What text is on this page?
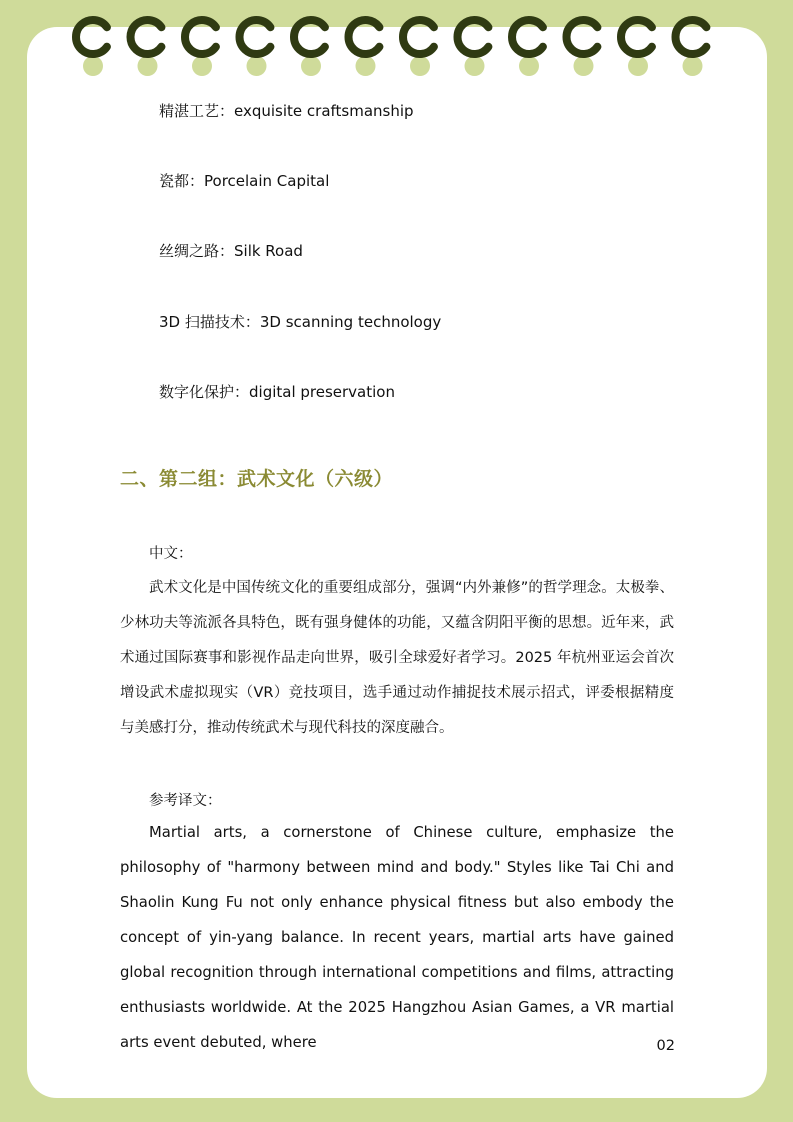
精湛工艺：exquisite craftsmanship
瓷都：Porcelain Capital
丝绸之路：Silk Road
3D 扫描技术：3D scanning technology
数字化保护：digital preservation
二、第二组：武术文化（六级）
中文：

武术文化是中国传统文化的重要组成部分，强调“内外兼修”的哲学理念。太极拳、少林功夫等流派各具特色，既有强身健体的功能，又蕴含阴阳平衡的思想。近年来，武术通过国际赛事和影视作品走向世界，吸引全球爱好者学习。2025 年杭州亚运会首次增设武术虚拟现实（VR）竞技项目，选手通过动作捕捉技术展示招式，评委根据精度与美感打分，推动传统武术与现代科技的深度融合。

参考译文：

Martial arts, a cornerstone of Chinese culture, emphasize the philosophy of "harmony between mind and body." Styles like Tai Chi and Shaolin Kung Fu not only enhance physical fitness but also embody the concept of yin-yang balance. In recent years, martial arts have gained global recognition through international competitions and films, attracting enthusiasts worldwide. At the 2025 Hangzhou Asian Games, a VR martial arts event debuted, where	02
